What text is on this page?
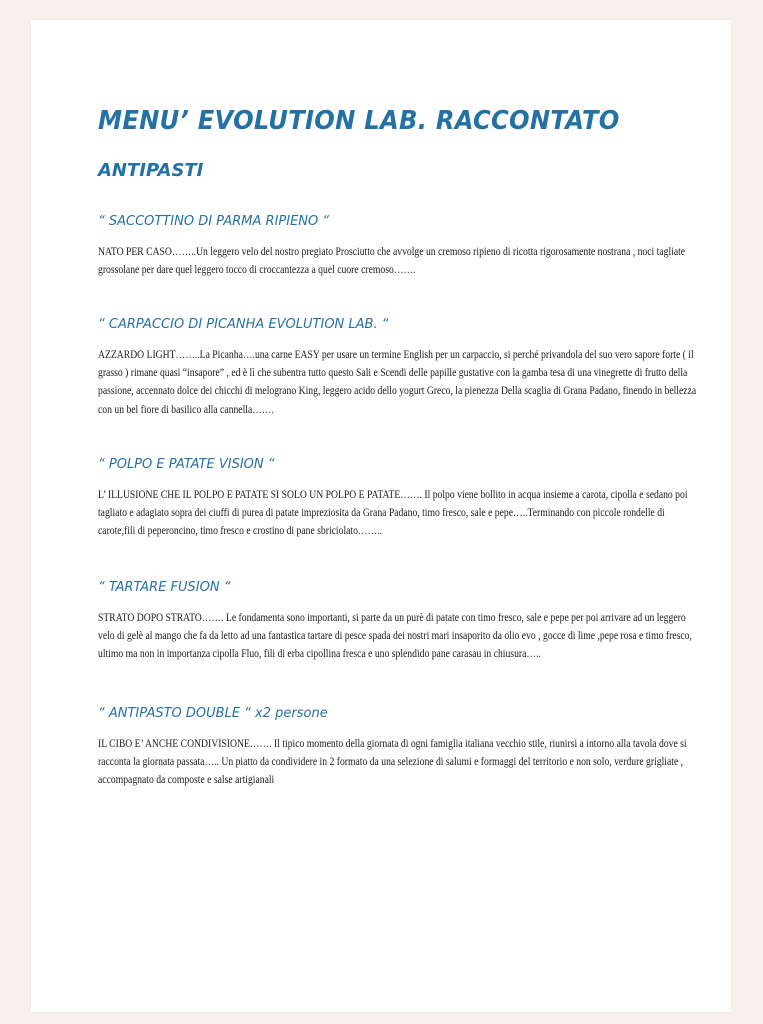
MENU’ EVOLUTION LAB. RACCONTATO
ANTIPASTI
“ SACCOTTINO DI PARMA RIPIENO “

NATO PER CASO……..Un leggero velo del nostro pregiato Prosciutto che avvolge un cremoso ripieno di ricotta rigorosamente nostrana , noci tagliate grossolane per dare quel leggero tocco di croccantezza a quel cuore cremoso…….

“ CARPACCIO DI PICANHA EVOLUTION LAB. “

AZZARDO LIGHT……..La Picanha….una carne EASY per usare un termine English per un carpaccio, si perché privandola del suo vero sapore forte ( il grasso ) rimane quasi “insapore” , ed è lì che subentra tutto questo Sali e Scendi delle papille gustative con la gamba tesa di una vinegrette di frutto della passione, accennato dolce dei chicchi di melograno King, leggero acido dello yogurt Greco, la pienezza Della scaglia di Grana Padano, finendo in bellezza con un bel fiore di basilico alla cannella…….

“ POLPO E PATATE VISION “

L’ ILLUSIONE CHE IL POLPO E PATATE SI SOLO UN POLPO E PATATE……. Il polpo viene bollito in acqua insieme a carota, cipolla e sedano poi tagliato e adagiato sopra dei ciuffi di purea di patate impreziosita da Grana Padano, timo fresco, sale e pepe…..Terminando con piccole rondelle di carote,fili di peperoncino, timo fresco e crostino di pane sbriciolato……..

“ TARTARE FUSION “

STRATO DOPO STRATO……. Le fondamenta sono importanti, si parte da un purè di patate con timo fresco, sale e pepe per poi arrivare ad un leggero velo di gelè al mango che fa da letto ad una fantastica tartare di pesce spada dei nostri mari insaporito da olio evo , gocce di lime ,pepe rosa e timo fresco, ultimo ma non in importanza cipolla Fluo, fili di erba cipollina fresca e uno splendido pane carasau in chiusura…..

“ ANTIPASTO DOUBLE “ x2 persone

IL CIBO E’ ANCHE CONDIVISIONE……. Il tipico momento della giornata di ogni famiglia italiana vecchio stile, riunirsi a intorno alla tavola dove si racconta la giornata passata….. Un piatto da condividere in 2 formato da una selezione di salumi e formaggi del territorio e non solo, verdure grigliate , accompagnato da composte e salse artigianali
